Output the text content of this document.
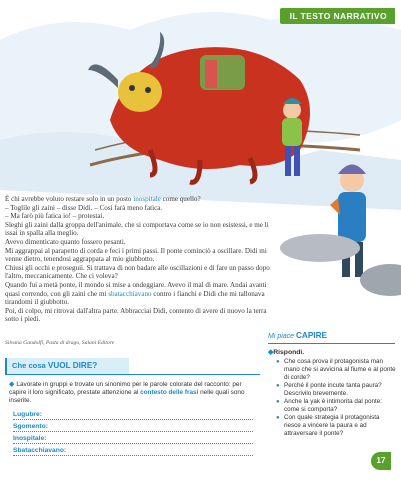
IL TESTO NARRATIVO

È chi avrebbe voluto restare solo in un posto inospitale come quello?

– Toglile gli zaini – disse Didi. – Così farà meno fatica.

– Ma farò più fatica io! – protestai.

Sleghi gli zaini dalla groppa dell'animale, che si comportava come se io non esistessi, e me li issai in spalla alla meglio.

Avevo dimenticato quanto fossero pesanti.

Mi aggrappai al parapetto di corda e feci i primi passi. Il ponte cominciò a oscillare. Didi mi venne dietro, tenendosi aggrappata al mio giubbotto.

Chiusi gli occhi e proseguii. Si trattava di non badare alle oscillazioni e di fare un passo dopo l'altro, meccanicamente. Che ci voleva?

Quando fui a metà ponte, il mondo si mise a ondeggiare. Avevo il mal di mare. Andai avanti quasi correndo, con gli zaini che mi sbatacchiavano contro i fianchi e Didi che mi tallonava tirandomi il giubbotto.

Poi, di colpo, mi ritrovai dall'altra parte. Abbracciai Didi, contento di avere di nuovo la terra sotto i piedi.

Silvana Gandolfi, Pasta di drago, Salani Editore
Che cosa VUOL DIRE?
◆ Lavorate in gruppi e trovate un sinonimo per le parole colorate del racconto: per capire il loro significato, prestate attenzione al contesto delle frasi nelle quali sono inserite.
Lugubre:
Sgomento:
Inospitale:
Sbatacchiavano:
Mi piace CAPIRE
◆Rispondi.
● Che cosa prova il protagonista man mano che si avvicina al fiume e al ponte di corde?
● Perché il ponte incute tanta paura? Descrivilo brevemente.
● Anche la yak è intimorita dal ponte: come si comporta?
● Con quale strategia il protagonista riesce a vincere la paura e ad attraversare il ponte?
17
